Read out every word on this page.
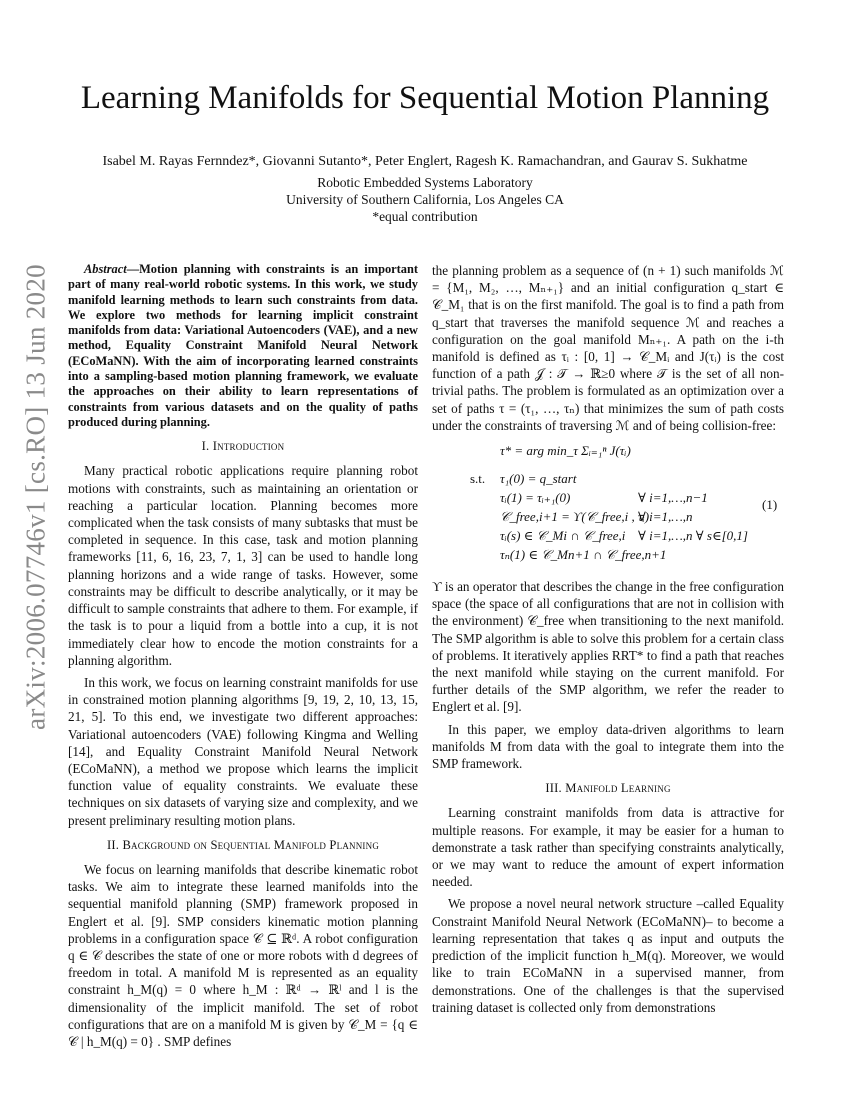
arXiv:2006.07746v1 [cs.RO] 13 Jun 2020
Learning Manifolds for Sequential Motion Planning
Isabel M. Rayas Fernndez*, Giovanni Sutanto*, Peter Englert, Ragesh K. Ramachandran, and Gaurav S. Sukhatme
Robotic Embedded Systems Laboratory
University of Southern California, Los Angeles CA
*equal contribution

Abstract—Motion planning with constraints is an important part of many real-world robotic systems. In this work, we study manifold learning methods to learn such constraints from data. We explore two methods for learning implicit constraint manifolds from data: Variational Autoencoders (VAE), and a new method, Equality Constraint Manifold Neural Network (ECoMaNN). With the aim of incorporating learned constraints into a sampling-based motion planning framework, we evaluate the approaches on their ability to learn representations of constraints from various datasets and on the quality of paths produced during planning.

I. Introduction

Many practical robotic applications require planning robot motions with constraints, such as maintaining an orientation or reaching a particular location. Planning becomes more complicated when the task consists of many subtasks that must be completed in sequence. In this case, task and motion planning frameworks [11, 6, 16, 23, 7, 1, 3] can be used to handle long planning horizons and a wide range of tasks. However, some constraints may be difficult to describe analytically, or it may be difficult to sample constraints that adhere to them. For example, if the task is to pour a liquid from a bottle into a cup, it is not immediately clear how to encode the motion constraints for a planning algorithm.

In this work, we focus on learning constraint manifolds for use in constrained motion planning algorithms [9, 19, 2, 10, 13, 15, 21, 5]. To this end, we investigate two different approaches: Variational autoencoders (VAE) following Kingma and Welling [14], and Equality Constraint Manifold Neural Network (ECoMaNN), a method we propose which learns the implicit function value of equality constraints. We evaluate these techniques on six datasets of varying size and complexity, and we present preliminary resulting motion plans.

II. Background on Sequential Manifold Planning

We focus on learning manifolds that describe kinematic robot tasks. We aim to integrate these learned manifolds into the sequential manifold planning (SMP) framework proposed in Englert et al. [9]. SMP considers kinematic motion planning problems in a configuration space 𝒞 ⊆ ℝᵈ. A robot configuration q ∈ 𝒞 describes the state of one or more robots with d degrees of freedom in total. A manifold M is represented as an equality constraint h_M(q) = 0 where h_M : ℝᵈ → ℝˡ and l is the dimensionality of the implicit manifold. The set of robot configurations that are on a manifold M is given by 𝒞_M = {q ∈ 𝒞 | h_M(q) = 0} . SMP defines

the planning problem as a sequence of (n + 1) such manifolds ℳ = {M₁, M₂, …, Mₙ₊₁} and an initial configuration q_start ∈ 𝒞_M₁ that is on the first manifold. The goal is to find a path from q_start that traverses the manifold sequence ℳ and reaches a configuration on the goal manifold Mₙ₊₁. A path on the i-th manifold is defined as τᵢ : [0, 1] → 𝒞_Mᵢ and J(τᵢ) is the cost function of a path 𝒥 : 𝒯 → ℝ≥0 where 𝒯 is the set of all non-trivial paths. The problem is formulated as an optimization over a set of paths τ = (τ₁, …, τₙ) that minimizes the sum of path costs under the constraints of traversing ℳ and of being collision-free:

τ* = arg min_τ Σᵢ₌₁ⁿ J(τᵢ)
s.t. τ₁(0) = q_start
τᵢ(1) = τᵢ₊₁(0)	∀ i=1,…,n−1	(1)
𝒞_free,i+1 = ϒ(𝒞_free,i , τᵢ)
∀ i=1,…,n
τᵢ(s) ∈ 𝒞_Mi ∩ 𝒞_free,i ∀ i=1,…,n ∀ s∈[0,1]
τₙ(1) ∈ 𝒞_Mn+1 ∩ 𝒞_free,n+1

ϒ is an operator that describes the change in the free configuration space (the space of all configurations that are not in collision with the environment) 𝒞_free when transitioning to the next manifold. The SMP algorithm is able to solve this problem for a certain class of problems. It iteratively applies RRT* to find a path that reaches the next manifold while staying on the current manifold. For further details of the SMP algorithm, we refer the reader to Englert et al. [9].

In this paper, we employ data-driven algorithms to learn manifolds M from data with the goal to integrate them into the SMP framework.

III. Manifold Learning

Learning constraint manifolds from data is attractive for multiple reasons. For example, it may be easier for a human to demonstrate a task rather than specifying constraints analytically, or we may want to reduce the amount of expert information needed.

We propose a novel neural network structure –called Equality Constraint Manifold Neural Network (ECoMaNN)– to become a learning representation that takes q as input and outputs the prediction of the implicit function h_M(q). Moreover, we would like to train ECoMaNN in a supervised manner, from demonstrations. One of the challenges is that the supervised training dataset is collected only from demonstrations
